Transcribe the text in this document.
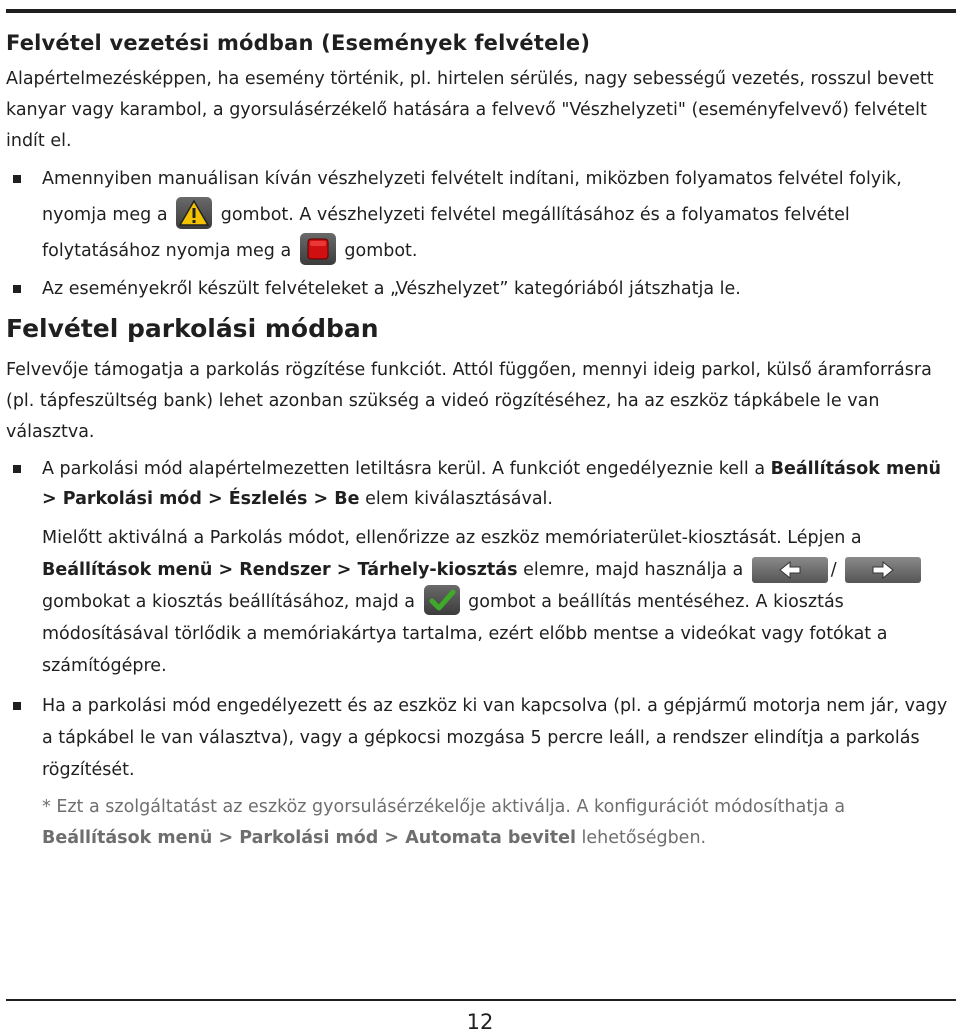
Felvétel vezetési módban (Események felvétele)

Alapértelmezésképpen, ha esemény történik, pl. hirtelen sérülés, nagy sebességű vezetés, rosszul bevett kanyar vagy karambol, a gyorsulásérzékelő hatására a felvevő "Vészhelyzeti" (eseményfelvevő) felvételt indít el.

Amennyiben manuálisan kíván vészhelyzeti felvételt indítani, miközben folyamatos felvétel folyik, nyomja meg a	gombot. A vészhelyzeti felvétel megállításához és a folyamatos felvétel folytatásához nyomja meg a	gombot.
Az eseményekről készült felvételeket a „Vészhelyzet” kategóriából játszhatja le.
Felvétel parkolási módban

Felvevője támogatja a parkolás rögzítése funkciót. Attól függően, mennyi ideig parkol, külső áramforrásra (pl. tápfeszültség bank) lehet azonban szükség a videó rögzítéséhez, ha az eszköz tápkábele le van választva.

A parkolási mód alapértelmezetten letiltásra kerül. A funkciót engedélyeznie kell a Beállítások menü > Parkolási mód > Észlelés > Be elem kiválasztásával.
Mielőtt aktiválná a Parkolás módot, ellenőrizze az eszköz memóriaterület-kiosztását. Lépjen a Beállítások menü > Rendszer > Tárhely-kiosztás elemre, majd használja a	/
gombokat a kiosztás beállításához, majd a	gombot a beállítás mentéséhez. A kiosztás módosításával törlődik a memóriakártya tartalma, ezért előbb mentse a videókat vagy fotókat a számítógépre.
Ha a parkolási mód engedélyezett és az eszköz ki van kapcsolva (pl. a gépjármű motorja nem jár, vagy a tápkábel le van választva), vagy a gépkocsi mozgása 5 percre leáll, a rendszer elindítja a parkolás rögzítését.
* Ezt a szolgáltatást az eszköz gyorsulásérzékelője aktiválja. A konfigurációt módosíthatja a Beállítások menü > Parkolási mód > Automata bevitel lehetőségben.
12
